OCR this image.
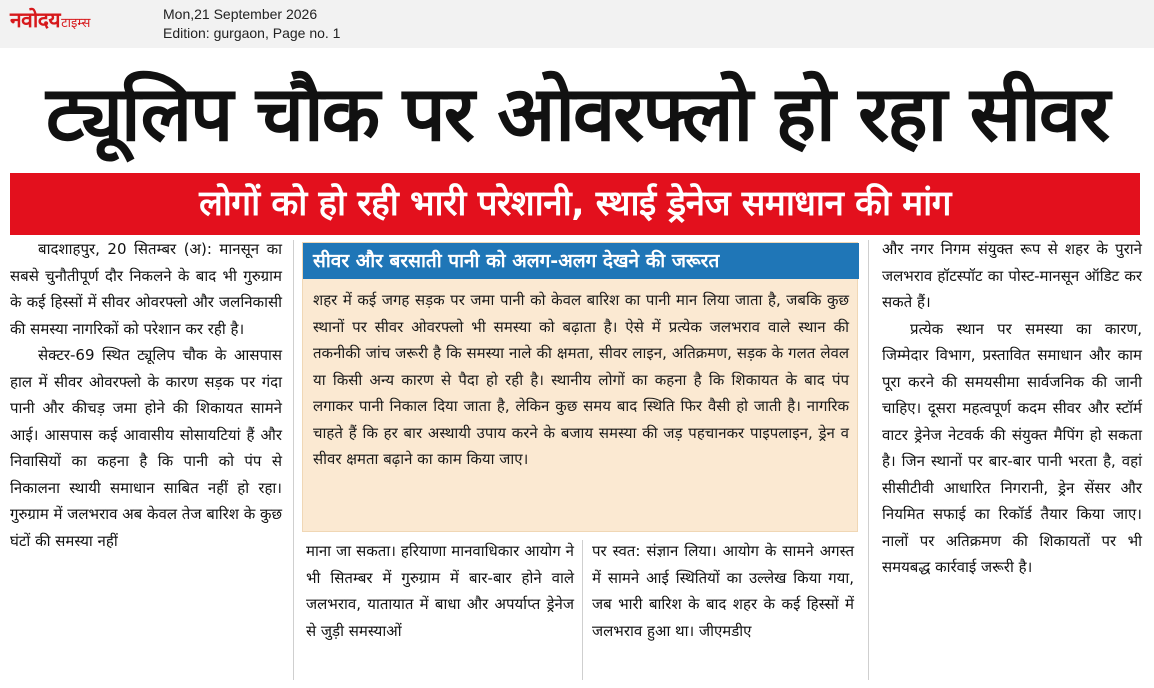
नवोदय टाइम्स
Mon,21 September 2026
Edition: gurgaon, Page no. 1
ट्यूलिप चौक पर ओवरफ्लो हो रहा सीवर
लोगों को हो रही भारी परेशानी, स्थाई ड्रेनेज समाधान की मांग

बादशाहपुर, 20 सितम्बर (अ): मानसून का सबसे चुनौतीपूर्ण दौर निकलने के बाद भी गुरुग्राम के कई हिस्सों में सीवर ओवरफ्लो और जलनिकासी की समस्या नागरिकों को परेशान कर रही है।

सेक्टर-69 स्थित ट्यूलिप चौक के आसपास हाल में सीवर ओवरफ्लो के कारण सड़क पर गंदा पानी और कीचड़ जमा होने की शिकायत सामने आई। आसपास कई आवासीय सोसायटियां हैं और निवासियों का कहना है कि पानी को पंप से निकालना स्थायी समाधान साबित नहीं हो रहा। गुरुग्राम में जलभराव अब केवल तेज बारिश के कुछ घंटों की समस्या नहीं

सीवर और बरसाती पानी को अलग-अलग देखने की जरूरत
शहर में कई जगह सड़क पर जमा पानी को केवल बारिश का पानी मान लिया जाता है, जबकि कुछ स्थानों पर सीवर ओवरफ्लो भी समस्या को बढ़ाता है। ऐसे में प्रत्येक जलभराव वाले स्थान की तकनीकी जांच जरूरी है कि समस्या नाले की क्षमता, सीवर लाइन, अतिक्रमण, सड़क के गलत लेवल या किसी अन्य कारण से पैदा हो रही है। स्थानीय लोगों का कहना है कि शिकायत के बाद पंप लगाकर पानी निकाल दिया जाता है, लेकिन कुछ समय बाद स्थिति फिर वैसी हो जाती है। नागरिक चाहते हैं कि हर बार अस्थायी उपाय करने के बजाय समस्या की जड़ पहचानकर पाइपलाइन, ड्रेन व सीवर क्षमता बढ़ाने का काम किया जाए।
माना जा सकता। हरियाणा मानवाधिकार आयोग ने भी सितम्बर में गुरुग्राम में बार-बार होने वाले जलभराव, यातायात में बाधा और अपर्याप्त ड्रेनेज से जुड़ी समस्याओं
पर स्वत: संज्ञान लिया। आयोग के सामने अगस्त में सामने आई स्थितियों का उल्लेख किया गया, जब भारी बारिश के बाद शहर के कई हिस्सों में जलभराव हुआ था। जीएमडीए

और नगर निगम संयुक्त रूप से शहर के पुराने जलभराव हॉटस्पॉट का पोस्ट-मानसून ऑडिट कर सकते हैं।

प्रत्येक स्थान पर समस्या का कारण, जिम्मेदार विभाग, प्रस्तावित समाधान और काम पूरा करने की समयसीमा सार्वजनिक की जानी चाहिए। दूसरा महत्वपूर्ण कदम सीवर और स्टॉर्म वाटर ड्रेनेज नेटवर्क की संयुक्त मैपिंग हो सकता है। जिन स्थानों पर बार-बार पानी भरता है, वहां सीसीटीवी आधारित निगरानी, ड्रेन सेंसर और नियमित सफाई का रिकॉर्ड तैयार किया जाए। नालों पर अतिक्रमण की शिकायतों पर भी समयबद्ध कार्रवाई जरूरी है।
